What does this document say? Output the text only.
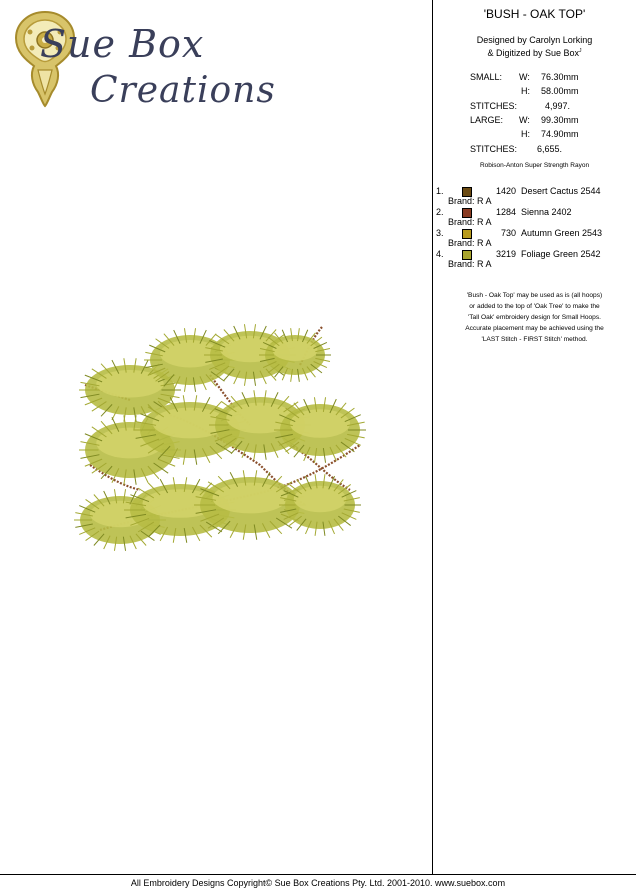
Sue Box
Creations
'BUSH - OAK TOP'
Designed by Carolyn Lorking
& Digitized by Sue Box$^J$
SMALL: W: 76.30mm
H: 58.00mm
STITCHES:	4,997.
LARGE: W: 99.30mm
H: 74.90mm
STITCHES: 6,655.
Robison-Anton Super Strength Rayon
1.	1420 Desert Cactus 2544
Brand: R A
2.	1284 Sienna 2402
Brand: R A
3.	730 Autumn Green 2543
Brand: R A
4.	3219 Foliage Green 2542
Brand: R A
'Bush - Oak Top' may be used as is (all hoops)
or added to the top of 'Oak Tree' to make the
'Tall Oak' embroidery design for Small Hoops.
Accurate placement may be achieved using the
'LAST Stitch - FIRST Stitch' method.
All Embroidery Designs Copyright© Sue Box Creations Pty. Ltd. 2001-2010. www.suebox.com
